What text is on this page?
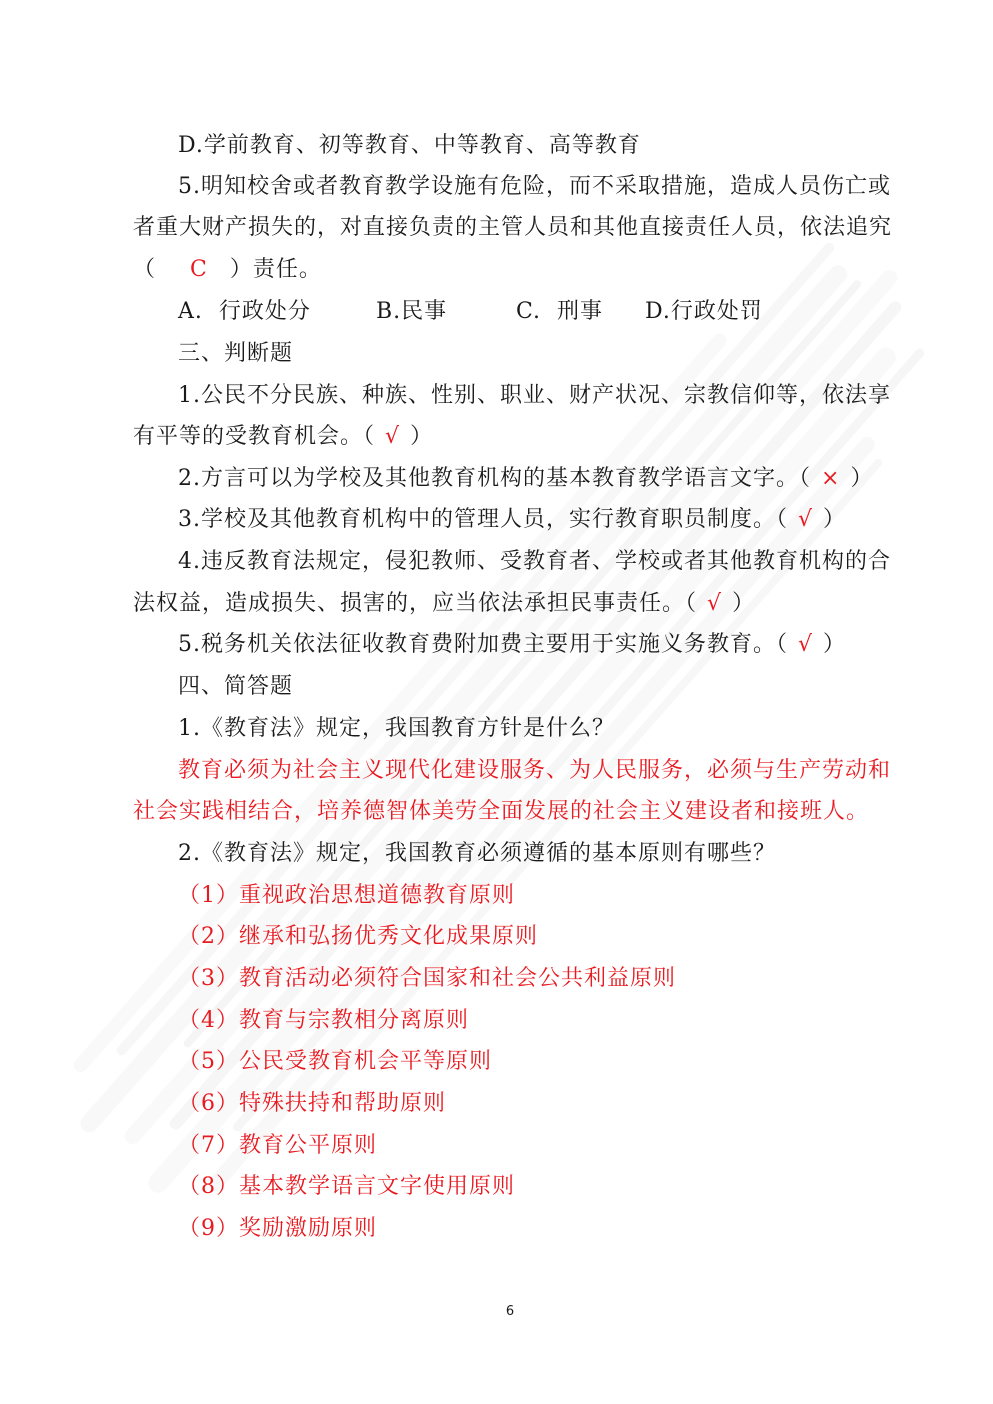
D.学前教育、初等教育、中等教育、高等教育
5.明知校舍或者教育教学设施有危险，而不采取措施，造成人员伤亡或
者重大财产损失的，对直接负责的主管人员和其他直接责任人员，依法追究
（ C ）责任。
A.  行政处分	B.民事	C.  刑事 D.行政处罚
三、判断题
1.公民不分民族、种族、性别、职业、财产状况、宗教信仰等，依法享
有平等的受教育机会。（ √ ）
2.方言可以为学校及其他教育机构的基本教育教学语言文字。（ × ）
3.学校及其他教育机构中的管理人员，实行教育职员制度。（ √ ）
4.违反教育法规定，侵犯教师、受教育者、学校或者其他教育机构的合
法权益，造成损失、损害的，应当依法承担民事责任。（ √ ）
5.税务机关依法征收教育费附加费主要用于实施义务教育。（ √ ）
四、简答题
1.《教育法》规定，我国教育方针是什么？
教育必须为社会主义现代化建设服务、为人民服务，必须与生产劳动和
社会实践相结合，培养德智体美劳全面发展的社会主义建设者和接班人。
2.《教育法》规定，我国教育必须遵循的基本原则有哪些？
（1）重视政治思想道德教育原则
（2）继承和弘扬优秀文化成果原则
（3）教育活动必须符合国家和社会公共利益原则
（4）教育与宗教相分离原则
（5）公民受教育机会平等原则
（6）特殊扶持和帮助原则
（7）教育公平原则
（8）基本教学语言文字使用原则
（9）奖励激励原则
6
